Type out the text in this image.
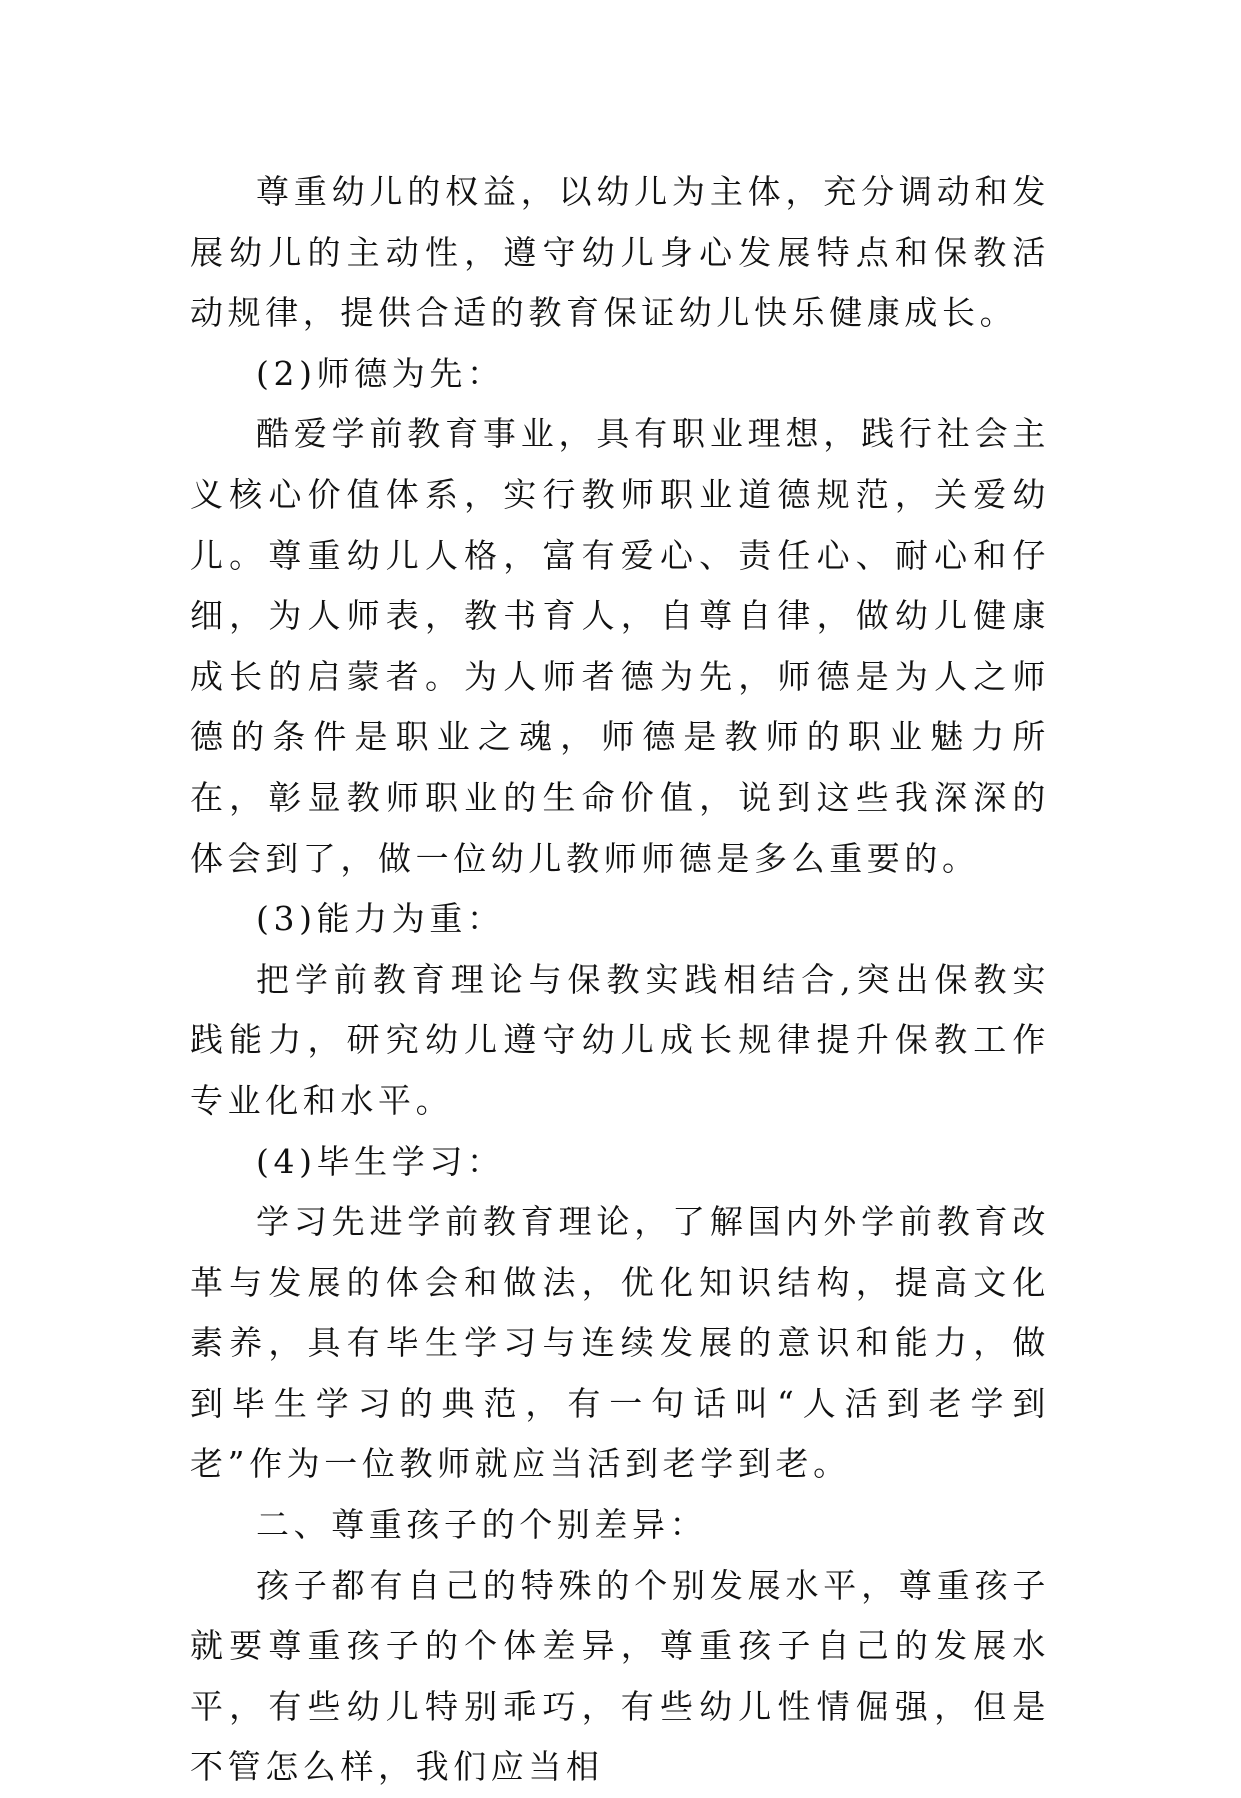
尊重幼儿的权益，以幼儿为主体，充分调动和发展幼儿的主动性，遵守幼儿身心发展特点和保教活动规律，提供合适的教育保证幼儿快乐健康成长。

(2)师德为先：

酷爱学前教育事业，具有职业理想，践行社会主义核心价值体系，实行教师职业道德规范，关爱幼儿。尊重幼儿人格，富有爱心、责任心、耐心和仔细，为人师表，教书育人，自尊自律，做幼儿健康成长的启蒙者。为人师者德为先，师德是为人之师德的条件是职业之魂，师德是教师的职业魅力所在，彰显教师职业的生命价值，说到这些我深深的体会到了，做一位幼儿教师师德是多么重要的。

(3)能力为重：

把学前教育理论与保教实践相结合,突出保教实践能力，研究幼儿遵守幼儿成长规律提升保教工作专业化和水平。

(4)毕生学习：

学习先进学前教育理论，了解国内外学前教育改革与发展的体会和做法，优化知识结构，提高文化素养，具有毕生学习与连续发展的意识和能力，做到毕生学习的典范，有一句话叫“人活到老学到老”作为一位教师就应当活到老学到老。

二、尊重孩子的个别差异：

孩子都有自己的特殊的个别发展水平，尊重孩子就要尊重孩子的个体差异，尊重孩子自己的发展水平，有些幼儿特别乖巧，有些幼儿性情倔强，但是不管怎么样，我们应当相
